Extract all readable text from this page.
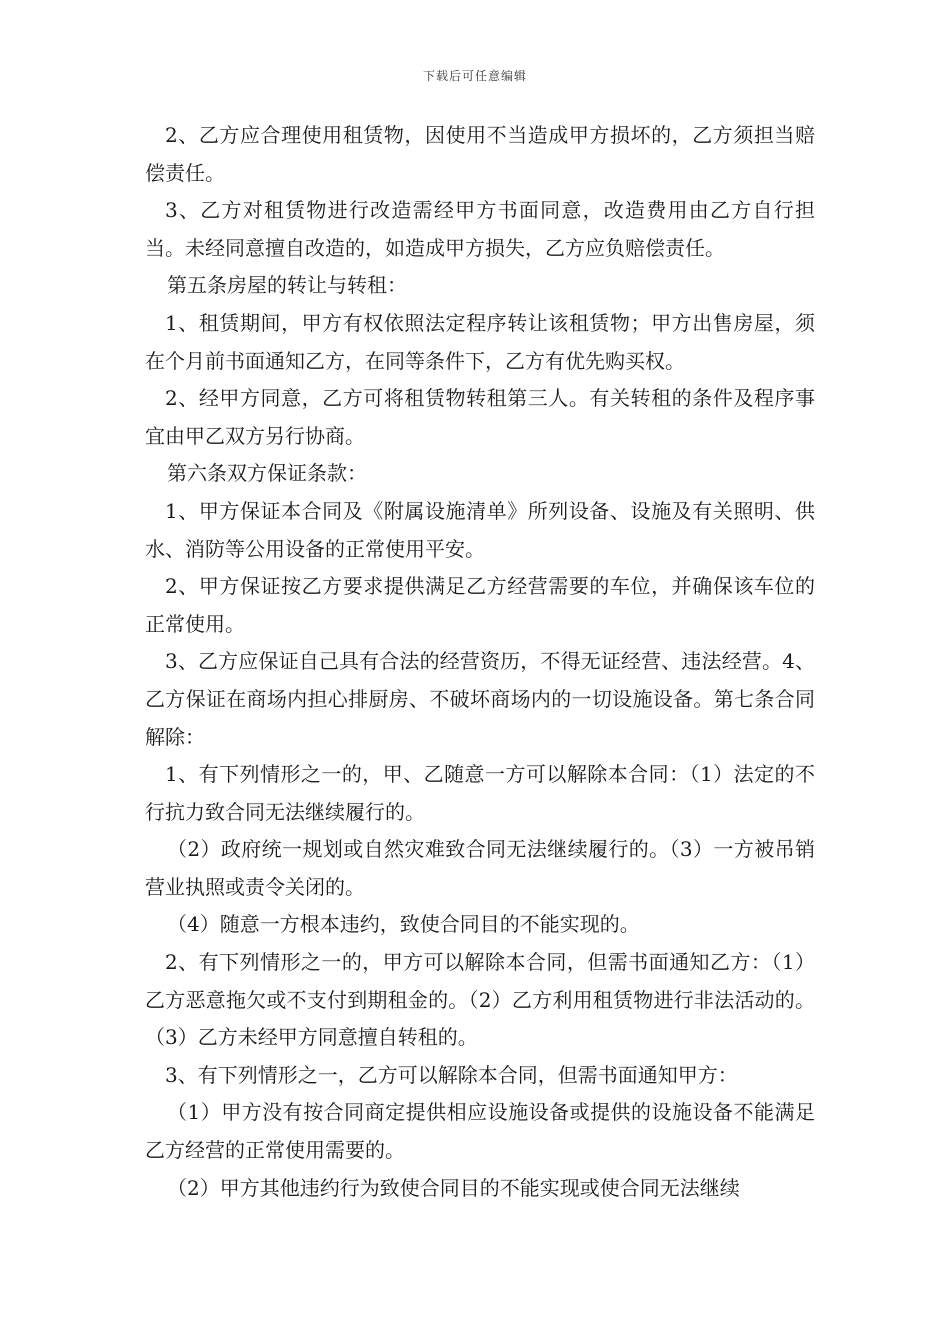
下载后可任意编辑

2、乙方应合理使用租赁物，因使用不当造成甲方损坏的，乙方须担当赔偿责任。

3、乙方对租赁物进行改造需经甲方书面同意，改造费用由乙方自行担当。未经同意擅自改造的，如造成甲方损失，乙方应负赔偿责任。

第五条房屋的转让与转租：

1、租赁期间，甲方有权依照法定程序转让该租赁物；甲方出售房屋，须在个月前书面通知乙方，在同等条件下，乙方有优先购买权。

2、经甲方同意，乙方可将租赁物转租第三人。有关转租的条件及程序事宜由甲乙双方另行协商。

第六条双方保证条款：

1、甲方保证本合同及《附属设施清单》所列设备、设施及有关照明、供水、消防等公用设备的正常使用平安。

2、甲方保证按乙方要求提供满足乙方经营需要的车位，并确保该车位的正常使用。

3、乙方应保证自己具有合法的经营资历，不得无证经营、违法经营。4、乙方保证在商场内担心排厨房、不破坏商场内的一切设施设备。第七条合同解除：

1、有下列情形之一的，甲、乙随意一方可以解除本合同：（1）法定的不行抗力致合同无法继续履行的。

（2）政府统一规划或自然灾难致合同无法继续履行的。（3）一方被吊销营业执照或责令关闭的。

（4）随意一方根本违约，致使合同目的不能实现的。

2、有下列情形之一的，甲方可以解除本合同，但需书面通知乙方：（1）乙方恶意拖欠或不支付到期租金的。（2）乙方利用租赁物进行非法活动的。（3）乙方未经甲方同意擅自转租的。

3、有下列情形之一，乙方可以解除本合同，但需书面通知甲方：

（1）甲方没有按合同商定提供相应设施设备或提供的设施设备不能满足乙方经营的正常使用需要的。

（2）甲方其他违约行为致使合同目的不能实现或使合同无法继续
